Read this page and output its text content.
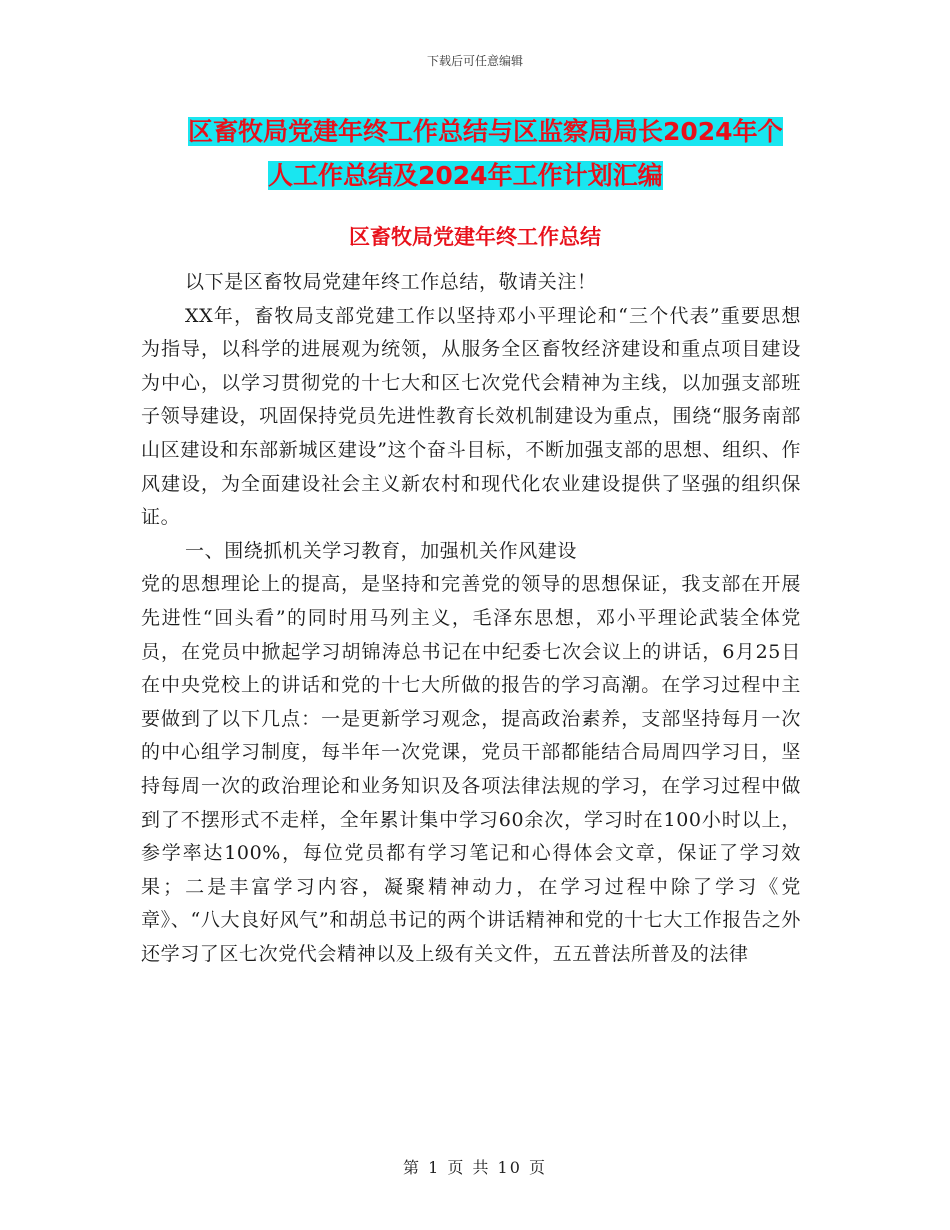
下载后可任意编辑
区畜牧局党建年终工作总结与区监察局局长2024年个
人工作总结及2024年工作计划汇编
区畜牧局党建年终工作总结

以下是区畜牧局党建年终工作总结，敬请关注！

XX年，畜牧局支部党建工作以坚持邓小平理论和“三个代表”重要思想为指导，以科学的进展观为统领，从服务全区畜牧经济建设和重点项目建设为中心，以学习贯彻党的十七大和区七次党代会精神为主线，以加强支部班子领导建设，巩固保持党员先进性教育长效机制建设为重点，围绕“服务南部山区建设和东部新城区建设”这个奋斗目标，不断加强支部的思想、组织、作风建设，为全面建设社会主义新农村和现代化农业建设提供了坚强的组织保证。

一、围绕抓机关学习教育，加强机关作风建设

党的思想理论上的提高，是坚持和完善党的领导的思想保证，我支部在开展先进性“回头看”的同时用马列主义，毛泽东思想，邓小平理论武装全体党员，在党员中掀起学习胡锦涛总书记在中纪委七次会议上的讲话，6月25日在中央党校上的讲话和党的十七大所做的报告的学习高潮。在学习过程中主要做到了以下几点：一是更新学习观念，提高政治素养，支部坚持每月一次的中心组学习制度，每半年一次党课，党员干部都能结合局周四学习日，坚持每周一次的政治理论和业务知识及各项法律法规的学习，在学习过程中做到了不摆形式不走样，全年累计集中学习60余次，学习时在100小时以上，参学率达100%，每位党员都有学习笔记和心得体会文章，保证了学习效果；二是丰富学习内容，凝聚精神动力，在学习过程中除了学习《党章》、“八大良好风气”和胡总书记的两个讲话精神和党的十七大工作报告之外还学习了区七次党代会精神以及上级有关文件，五五普法所普及的法律

第 1 页 共 10 页
